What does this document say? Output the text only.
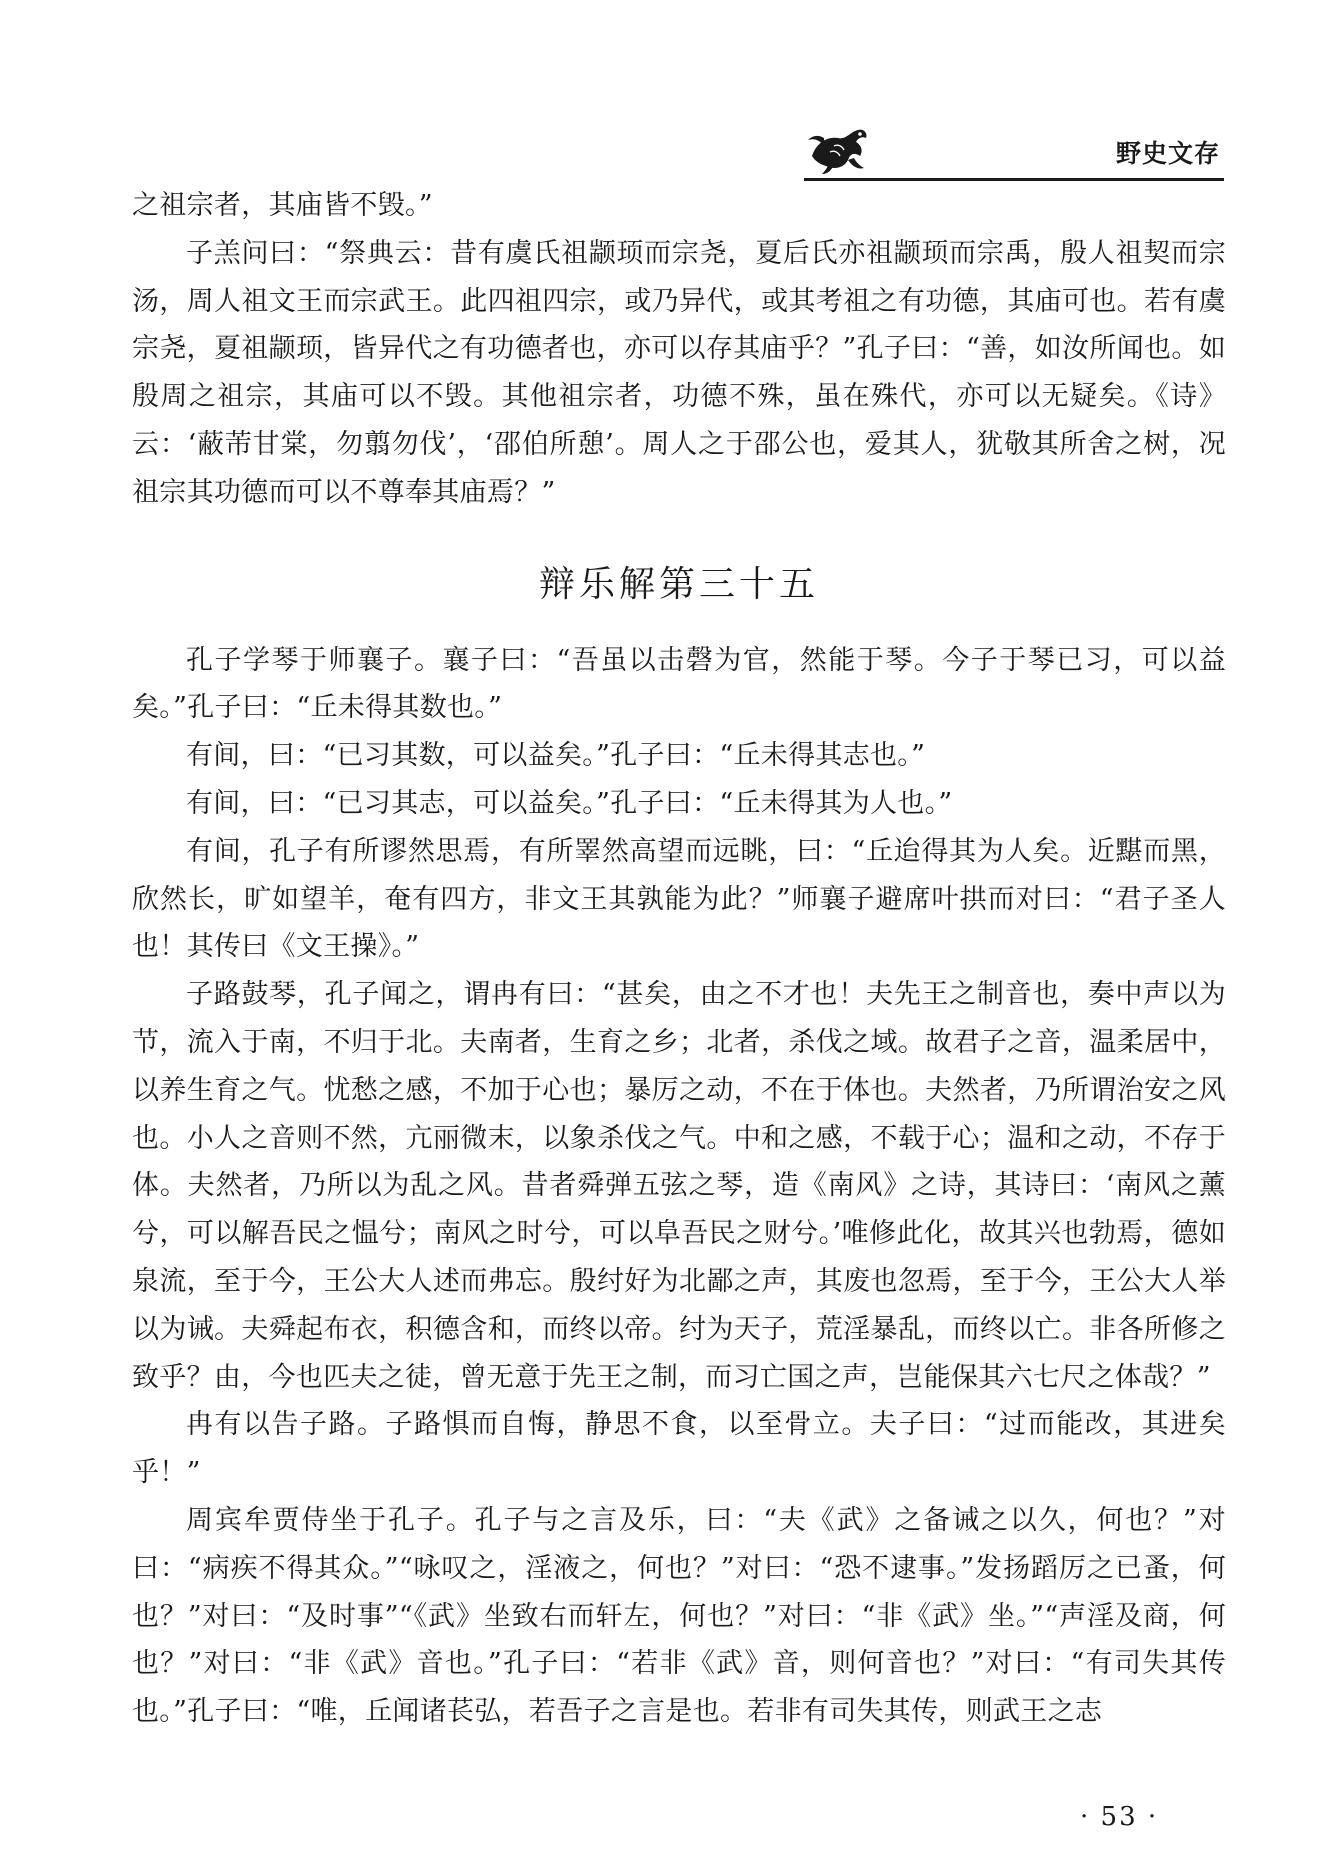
野史文存

之祖宗者，其庙皆不毁。”

子羔问曰：“祭典云：昔有虞氏祖颛顼而宗尧，夏后氏亦祖颛顼而宗禹，殷人祖契而宗汤，周人祖文王而宗武王。此四祖四宗，或乃异代，或其考祖之有功德，其庙可也。若有虞宗尧，夏祖颛顼，皆异代之有功德者也，亦可以存其庙乎？”孔子曰：“善，如汝所闻也。如殷周之祖宗，其庙可以不毁。其他祖宗者，功德不殊，虽在殊代，亦可以无疑矣。《诗》云：‘蔽芾甘棠，勿翦勿伐’，‘邵伯所憩’。周人之于邵公也，爱其人，犹敬其所舍之树，况祖宗其功德而可以不尊奉其庙焉？”

辩乐解第三十五

孔子学琴于师襄子。襄子曰：“吾虽以击磬为官，然能于琴。今子于琴已习，可以益矣。”孔子曰：“丘未得其数也。”

有间，曰：“已习其数，可以益矣。”孔子曰：“丘未得其志也。”

有间，曰：“已习其志，可以益矣。”孔子曰：“丘未得其为人也。”

有间，孔子有所谬然思焉，有所睪然高望而远眺，曰：“丘迨得其为人矣。近黮而黑，欣然长，旷如望羊，奄有四方，非文王其孰能为此？”师襄子避席叶拱而对曰：“君子圣人也！其传曰《文王操》。”

子路鼓琴，孔子闻之，谓冉有曰：“甚矣，由之不才也！夫先王之制音也，奏中声以为节，流入于南，不归于北。夫南者，生育之乡；北者，杀伐之域。故君子之音，温柔居中，以养生育之气。忧愁之感，不加于心也；暴厉之动，不在于体也。夫然者，乃所谓治安之风也。小人之音则不然，亢丽微末，以象杀伐之气。中和之感，不载于心；温和之动，不存于体。夫然者，乃所以为乱之风。昔者舜弹五弦之琴，造《南风》之诗，其诗曰：‘南风之薰兮，可以解吾民之愠兮；南风之时兮，可以阜吾民之财兮。’唯修此化，故其兴也勃焉，德如泉流，至于今，王公大人述而弗忘。殷纣好为北鄙之声，其废也忽焉，至于今，王公大人举以为诫。夫舜起布衣，积德含和，而终以帝。纣为天子，荒淫暴乱，而终以亡。非各所修之致乎？由，今也匹夫之徒，曾无意于先王之制，而习亡国之声，岂能保其六七尺之体哉？”

冉有以告子路。子路惧而自悔，静思不食，以至骨立。夫子曰：“过而能改，其进矣乎！”

周宾牟贾侍坐于孔子。孔子与之言及乐，曰：“夫《武》之备诫之以久，何也？”对曰：“病疾不得其众。”“咏叹之，淫液之，何也？”对曰：“恐不逮事。”发扬蹈厉之已蚤，何也？”对曰：“及时事”“《武》坐致右而轩左，何也？”对曰：“非《武》坐。”“声淫及商，何也？”对曰：“非《武》音也。”孔子曰：“若非《武》音，则何音也？”对曰：“有司失其传也。”孔子曰：“唯，丘闻诸苌弘，若吾子之言是也。若非有司失其传，则武王之志

· 53 ·
